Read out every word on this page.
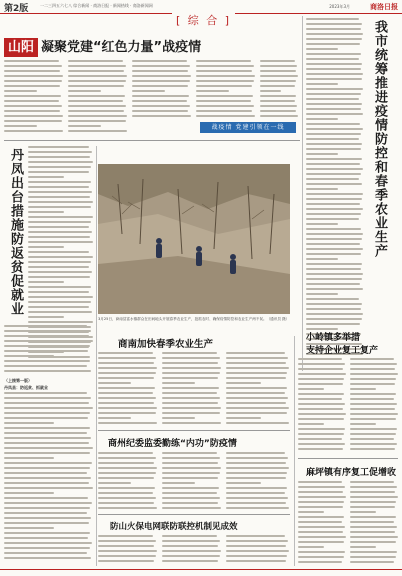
第2版	一二三四五六七八 综合新闻 · 商洛日报 · 新闻热线 · 商洛新闻网	2023年3月	商洛日报
[ 综 合 ]
山阳 凝聚党建“红色力量”战疫情
战疫情 党建引领在一线	我市统筹推进疫情防控和春季农业生产
丹凤出台措施防返贫促就业
（上接第一版）
丹凤县：防返贫、抓就业
3月25日，商南县富水镇群众在田间地头开展春季农业生产，抢抓农时、确保疫情防控和农业生产两不误。（通讯员 摄）
商南加快春季农业生产
小岭镇多举措
支持企业复工复产
商州纪委监委勤练“内功”防疫情
麻坪镇有序复工促增收
防山火保电网联防联控机制见成效
